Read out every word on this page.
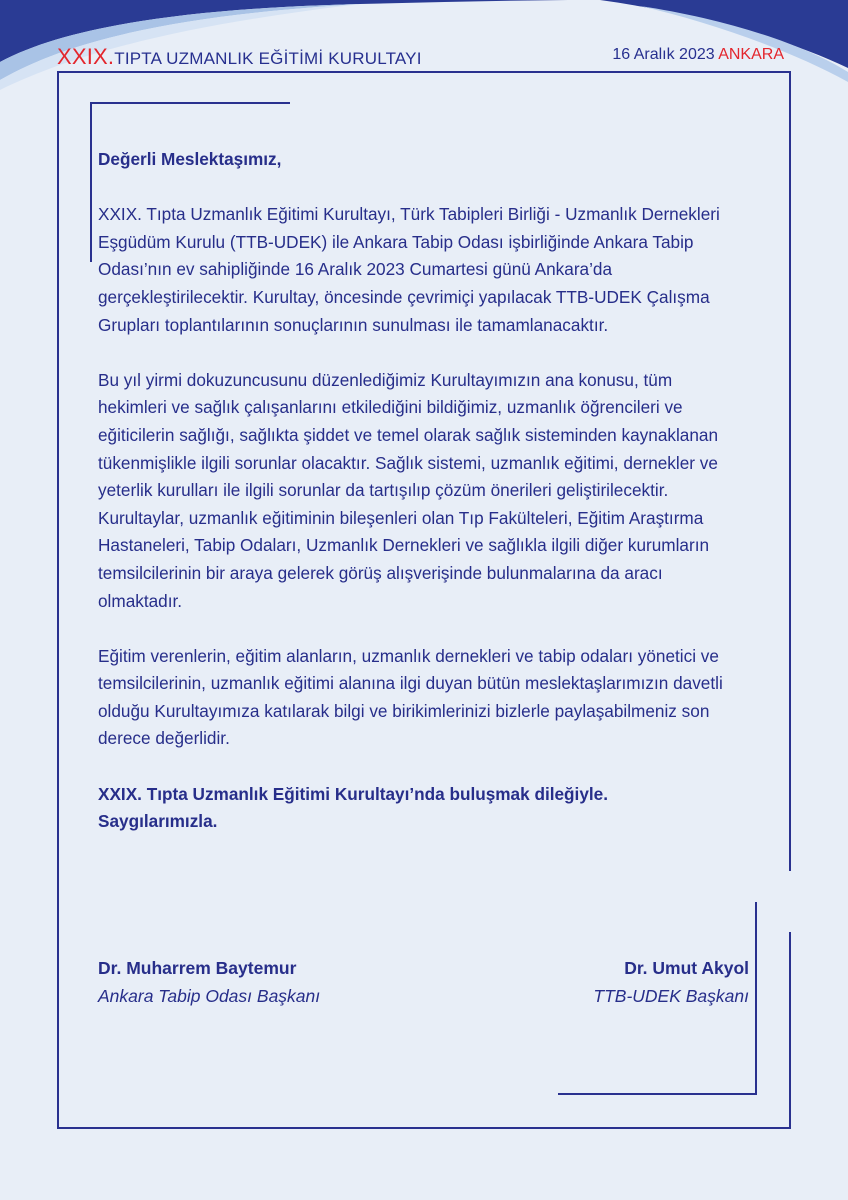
XXIX.TIPTA UZMANLIK EĞİTİMİ KURULTAYI	16 Aralık 2023 ANKARA

Değerli Meslektaşımız,

XXIX. Tıpta Uzmanlık Eğitimi Kurultayı, Türk Tabipleri Birliği - Uzmanlık Dernekleri Eşgüdüm Kurulu (TTB-UDEK) ile Ankara Tabip Odası işbirliğinde Ankara Tabip Odası’nın ev sahipliğinde 16 Aralık 2023 Cumartesi günü Ankara’da gerçekleştirilecektir. Kurultay, öncesinde çevrimiçi yapılacak TTB-UDEK Çalışma Grupları toplantılarının sonuçlarının sunulması ile tamamlanacaktır.

Bu yıl yirmi dokuzuncusunu düzenlediğimiz Kurultayımızın ana konusu, tüm hekimleri ve sağlık çalışanlarını etkilediğini bildiğimiz, uzmanlık öğrencileri ve eğiticilerin sağlığı, sağlıkta şiddet ve temel olarak sağlık sisteminden kaynaklanan tükenmişlikle ilgili sorunlar olacaktır. Sağlık sistemi, uzmanlık eğitimi, dernekler ve yeterlik kurulları ile ilgili sorunlar da tartışılıp çözüm önerileri geliştirilecektir. Kurultaylar, uzmanlık eğitiminin bileşenleri olan Tıp Fakülteleri, Eğitim Araştırma Hastaneleri, Tabip Odaları, Uzmanlık Dernekleri ve sağlıkla ilgili diğer kurumların temsilcilerinin bir araya gelerek görüş alışverişinde bulunmalarına da aracı olmaktadır.

Eğitim verenlerin, eğitim alanların, uzmanlık dernekleri ve tabip odaları yönetici ve temsilcilerinin, uzmanlık eğitimi alanına ilgi duyan bütün meslektaşlarımızın davetli olduğu Kurultayımıza katılarak bilgi ve birikimlerinizi bizlerle paylaşabilmeniz son derece değerlidir.

XXIX. Tıpta Uzmanlık Eğitimi Kurultayı’nda buluşmak dileğiyle.
Saygılarımızla.

Dr. Muharrem Baytemur
Ankara Tabip Odası Başkanı
Dr. Umut Akyol
TTB-UDEK Başkanı
